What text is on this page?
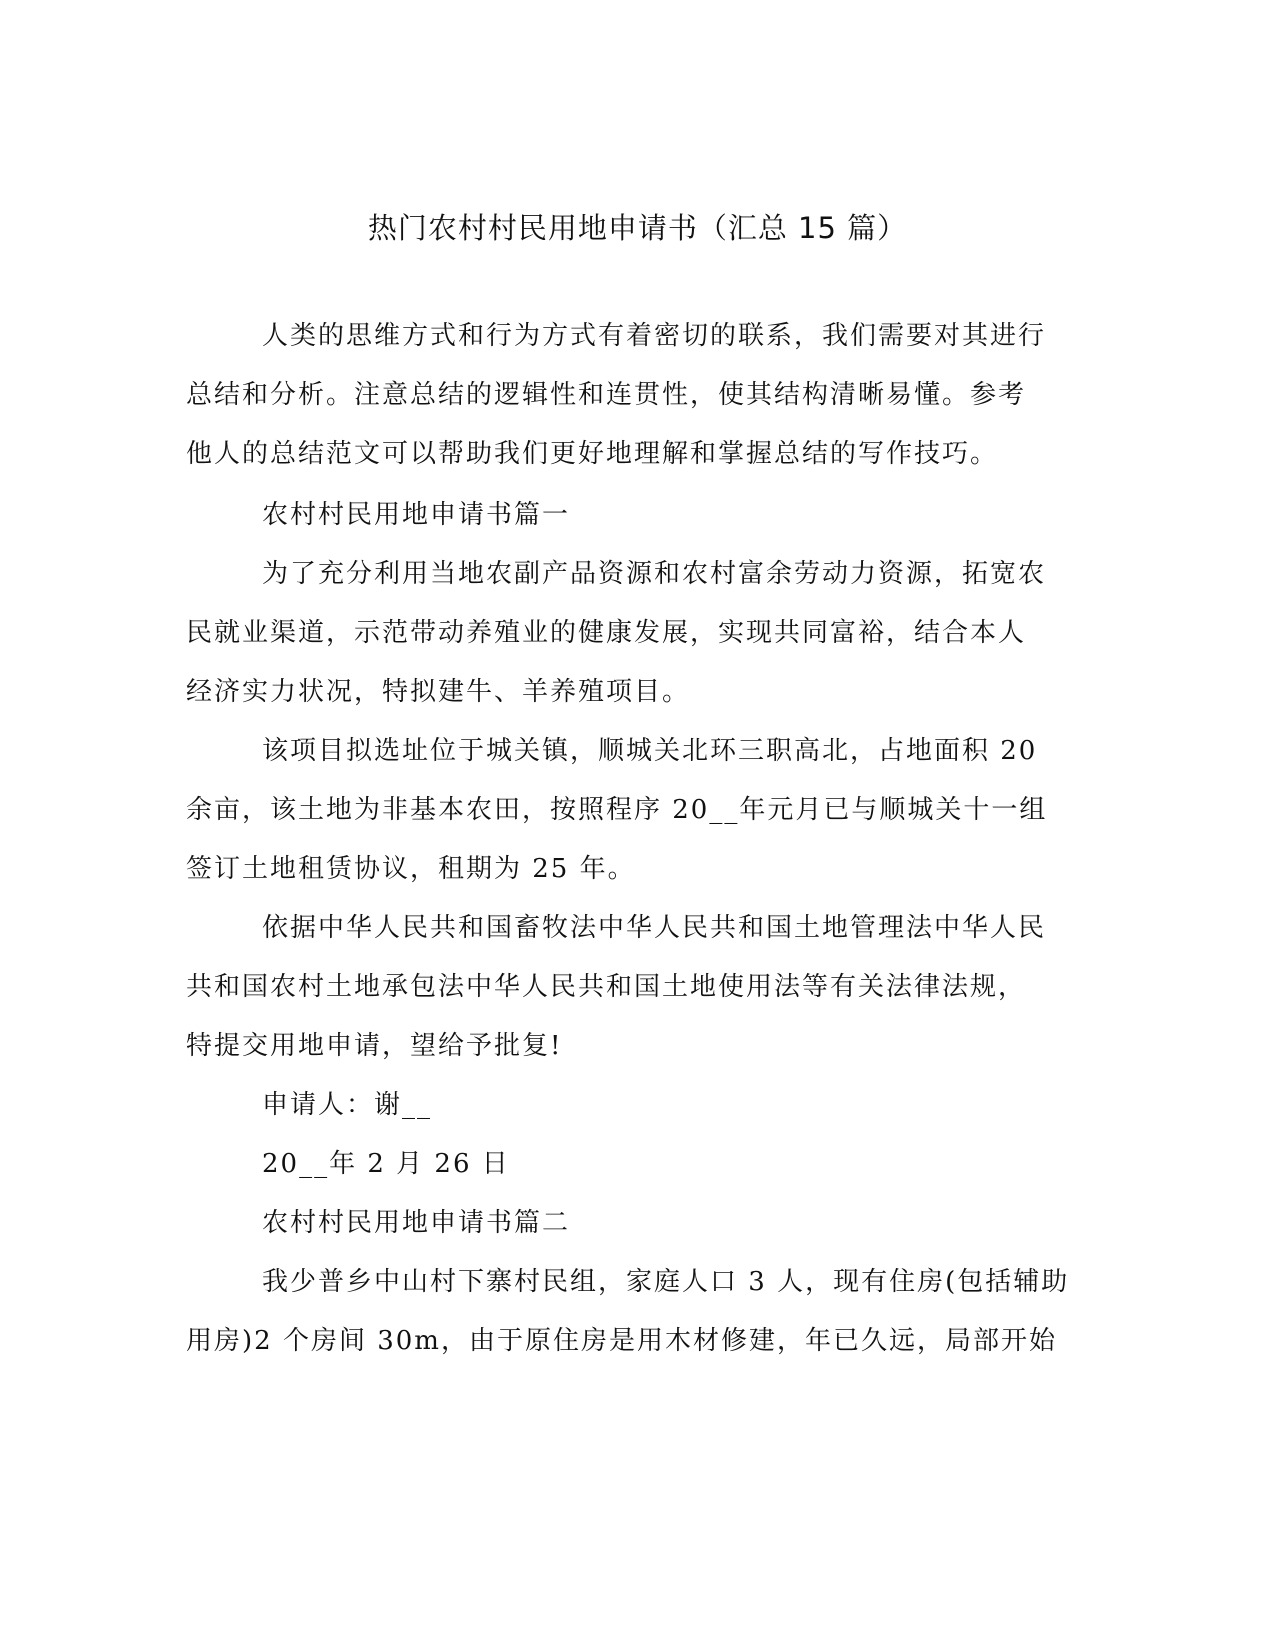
热门农村村民用地申请书（汇总 15 篇）
人类的思维方式和行为方式有着密切的联系，我们需要对其进行
总结和分析。注意总结的逻辑性和连贯性，使其结构清晰易懂。参考
他人的总结范文可以帮助我们更好地理解和掌握总结的写作技巧。
农村村民用地申请书篇一
为了充分利用当地农副产品资源和农村富余劳动力资源，拓宽农
民就业渠道，示范带动养殖业的健康发展，实现共同富裕，结合本人
经济实力状况，特拟建牛、羊养殖项目。
该项目拟选址位于城关镇，顺城关北环三职高北，占地面积 20
余亩，该土地为非基本农田，按照程序 20__年元月已与顺城关十一组
签订土地租赁协议，租期为 25 年。
依据中华人民共和国畜牧法中华人民共和国土地管理法中华人民
共和国农村土地承包法中华人民共和国土地使用法等有关法律法规，
特提交用地申请，望给予批复!
申请人：谢__
20__年 2 月 26 日
农村村民用地申请书篇二
我少普乡中山村下寨村民组，家庭人口 3 人，现有住房(包括辅助
用房)2 个房间 30m，由于原住房是用木材修建，年已久远，局部开始
